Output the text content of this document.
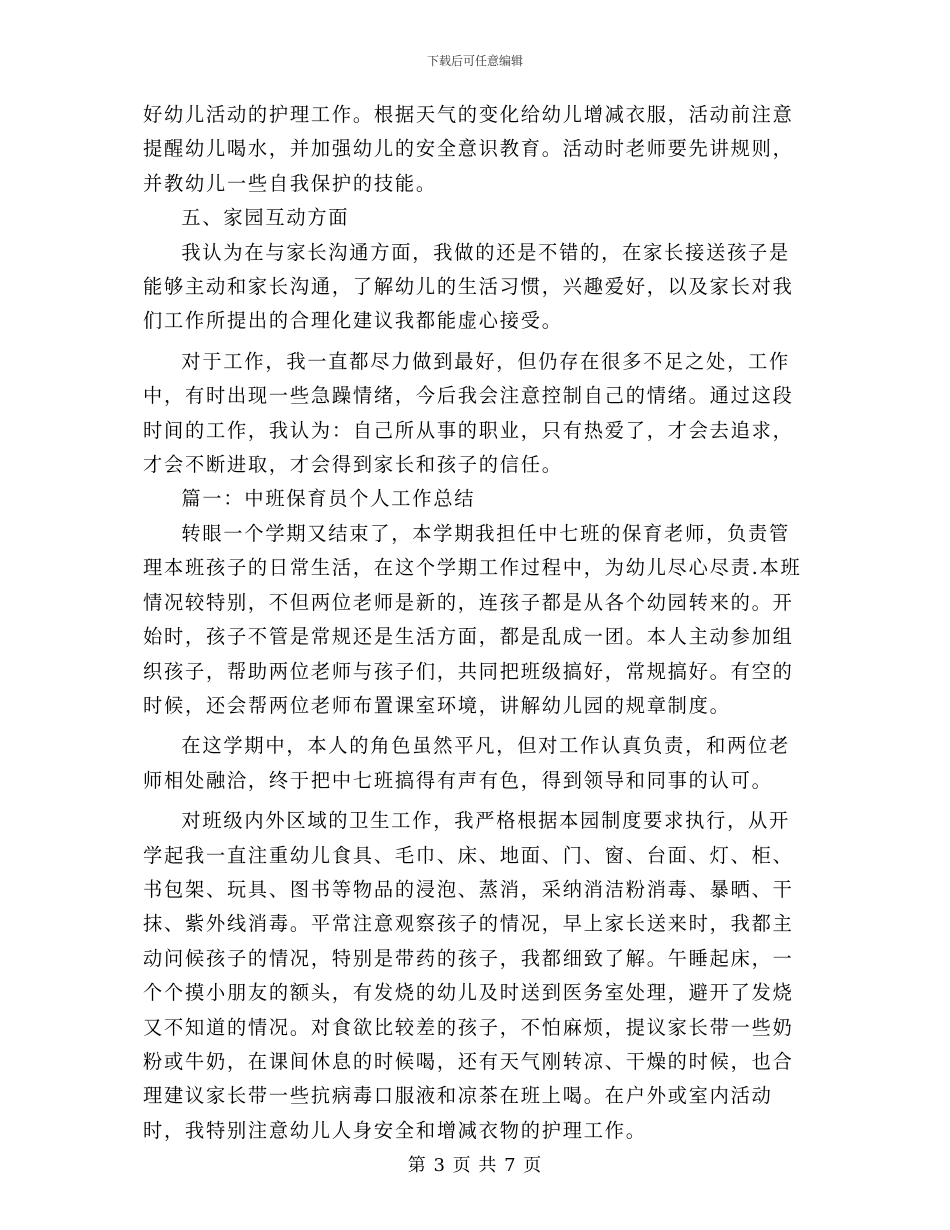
下载后可任意编辑

好幼儿活动的护理工作。根据天气的变化给幼儿增减衣服，活动前注意提醒幼儿喝水，并加强幼儿的安全意识教育。活动时老师要先讲规则，并教幼儿一些自我保护的技能。

五、家园互动方面

我认为在与家长沟通方面，我做的还是不错的，在家长接送孩子是能够主动和家长沟通，了解幼儿的生活习惯，兴趣爱好，以及家长对我们工作所提出的合理化建议我都能虚心接受。

对于工作，我一直都尽力做到最好，但仍存在很多不足之处，工作中，有时出现一些急躁情绪，今后我会注意控制自己的情绪。通过这段时间的工作，我认为：自己所从事的职业，只有热爱了，才会去追求，才会不断进取，才会得到家长和孩子的信任。

篇一：中班保育员个人工作总结

转眼一个学期又结束了，本学期我担任中七班的保育老师，负责管理本班孩子的日常生活，在这个学期工作过程中，为幼儿尽心尽责.本班情况较特别，不但两位老师是新的，连孩子都是从各个幼园转来的。开始时，孩子不管是常规还是生活方面，都是乱成一团。本人主动参加组织孩子，帮助两位老师与孩子们，共同把班级搞好，常规搞好。有空的时候，还会帮两位老师布置课室环境，讲解幼儿园的规章制度。

在这学期中，本人的角色虽然平凡，但对工作认真负责，和两位老师相处融洽，终于把中七班搞得有声有色，得到领导和同事的认可。

对班级内外区域的卫生工作，我严格根据本园制度要求执行，从开学起我一直注重幼儿食具、毛巾、床、地面、门、窗、台面、灯、柜、书包架、玩具、图书等物品的浸泡、蒸消，采纳消洁粉消毒、暴晒、干抹、紫外线消毒。平常注意观察孩子的情况，早上家长送来时，我都主动问候孩子的情况，特别是带药的孩子，我都细致了解。午睡起床，一个个摸小朋友的额头，有发烧的幼儿及时送到医务室处理，避开了发烧又不知道的情况。对食欲比较差的孩子，不怕麻烦，提议家长带一些奶粉或牛奶，在课间休息的时候喝，还有天气刚转凉、干燥的时候，也合理建议家长带一些抗病毒口服液和凉茶在班上喝。在户外或室内活动时，我特别注意幼儿人身安全和增减衣物的护理工作。

第 3 页 共 7 页
